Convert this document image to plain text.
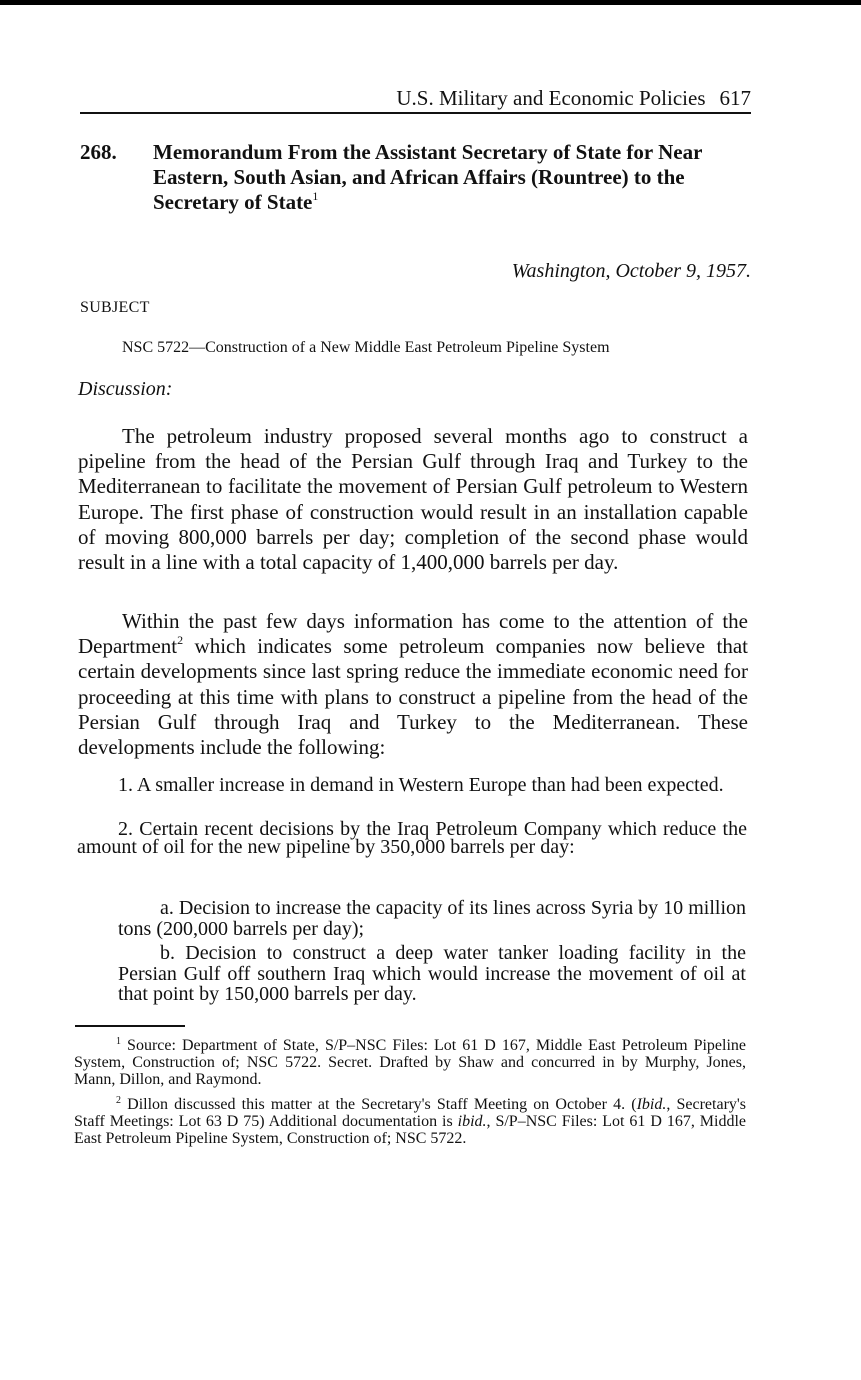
U.S. Military and Economic Policies 617
268. Memorandum From the Assistant Secretary of State for Near Eastern, South Asian, and African Affairs (Rountree) to the Secretary of State$^1$
Washington, October 9, 1957.
SUBJECT
NSC 5722—Construction of a New Middle East Petroleum Pipeline System
Discussion:

The petroleum industry proposed several months ago to construct a pipeline from the head of the Persian Gulf through Iraq and Turkey to the Mediterranean to facilitate the movement of Persian Gulf petroleum to Western Europe. The first phase of construction would result in an installation capable of moving 800,000 barrels per day; completion of the second phase would result in a line with a total capacity of 1,400,000 barrels per day.

Within the past few days information has come to the attention of the Department$^2$ which indicates some petroleum companies now believe that certain developments since last spring reduce the immediate economic need for proceeding at this time with plans to construct a pipeline from the head of the Persian Gulf through Iraq and Turkey to the Mediterranean. These developments include the following:

1. A smaller increase in demand in Western Europe than had been expected.

2. Certain recent decisions by the Iraq Petroleum Company which reduce the amount of oil for the new pipeline by 350,000 barrels per day:

a. Decision to increase the capacity of its lines across Syria by 10 million tons (200,000 barrels per day);

b. Decision to construct a deep water tanker loading facility in the Persian Gulf off southern Iraq which would increase the movement of oil at that point by 150,000 barrels per day.

$^1$ Source: Department of State, S/P–NSC Files: Lot 61 D 167, Middle East Petroleum Pipeline System, Construction of; NSC 5722. Secret. Drafted by Shaw and concurred in by Murphy, Jones, Mann, Dillon, and Raymond.

$^2$ Dillon discussed this matter at the Secretary's Staff Meeting on October 4. (Ibid., Secretary's Staff Meetings: Lot 63 D 75) Additional documentation is ibid., S/P–NSC Files: Lot 61 D 167, Middle East Petroleum Pipeline System, Construction of; NSC 5722.
